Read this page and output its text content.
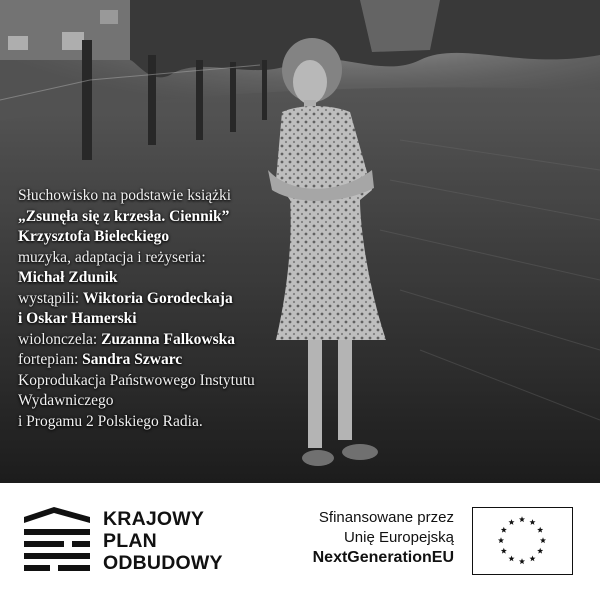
Słuchowisko na podstawie książki
„Zsunęła się z krzesła. Ciennik”
Krzysztofa Bieleckiego
muzyka, adaptacja i reżyseria:
Michał Zdunik
wystąpili: Wiktoria Gorodeckaja
i Oskar Hamerski
wiolonczela: Zuzanna Falkowska
fortepian: Sandra Szwarc
Koprodukacja Państwowego Instytutu
Wydawniczego
i Progamu 2 Polskiego Radia.
KRAJOWY
PLAN
ODBUDOWY
Sfinansowane przez
Unię Europejską
NextGenerationEU
